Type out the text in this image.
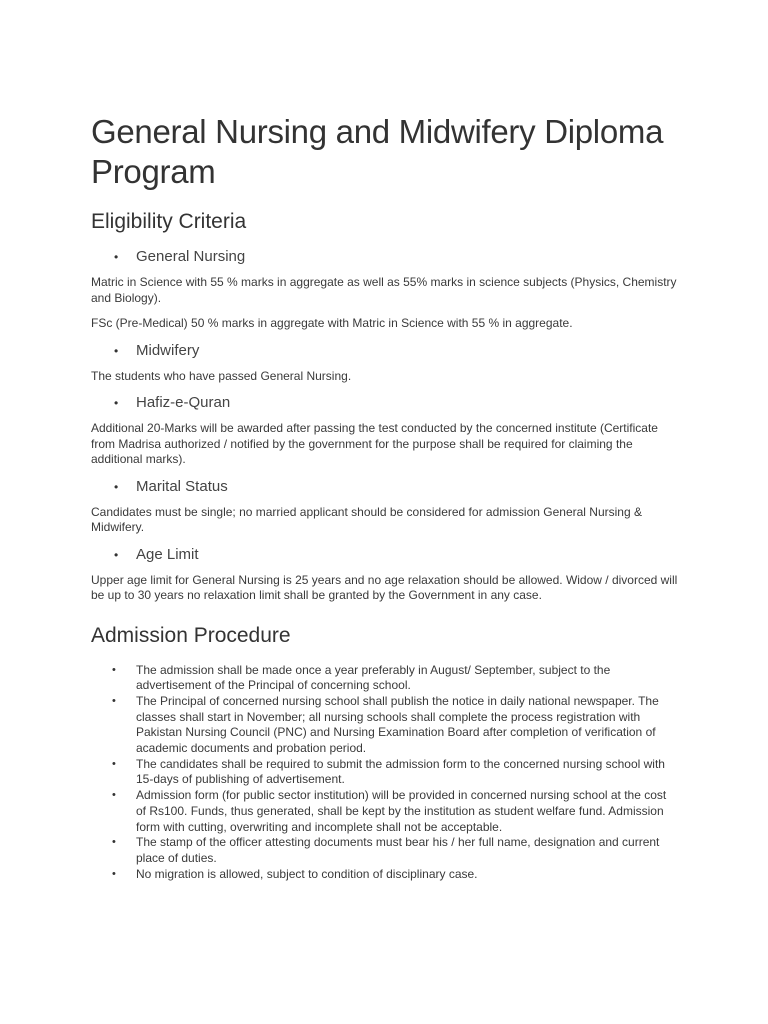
General Nursing and Midwifery Diploma Program
Eligibility Criteria
• General Nursing

Matric in Science with 55 % marks in aggregate as well as 55% marks in science subjects (Physics, Chemistry and Biology).

FSc (Pre-Medical) 50 % marks in aggregate with Matric in Science with 55 % in aggregate.

• Midwifery

The students who have passed General Nursing.

• Hafiz-e-Quran

Additional 20-Marks will be awarded after passing the test conducted by the concerned institute (Certificate from Madrisa authorized / notified by the government for the purpose shall be required for claiming the additional marks).

• Marital Status

Candidates must be single; no married applicant should be considered for admission General Nursing & Midwifery.

• Age Limit

Upper age limit for General Nursing is 25 years and no age relaxation should be allowed. Widow / divorced will be up to 30 years no relaxation limit shall be granted by the Government in any case.

Admission Procedure
• The admission shall be made once a year preferably in August/ September, subject to the advertisement of the Principal of concerning school.
• The Principal of concerned nursing school shall publish the notice in daily national newspaper. The classes shall start in November; all nursing schools shall complete the process registration with Pakistan Nursing Council (PNC) and Nursing Examination Board after completion of verification of academic documents and probation period.
• The candidates shall be required to submit the admission form to the concerned nursing school with 15-days of publishing of advertisement.
• Admission form (for public sector institution) will be provided in concerned nursing school at the cost of Rs100. Funds, thus generated, shall be kept by the institution as student welfare fund. Admission form with cutting, overwriting and incomplete shall not be acceptable.
• The stamp of the officer attesting documents must bear his / her full name, designation and current place of duties.
• No migration is allowed, subject to condition of disciplinary case.
